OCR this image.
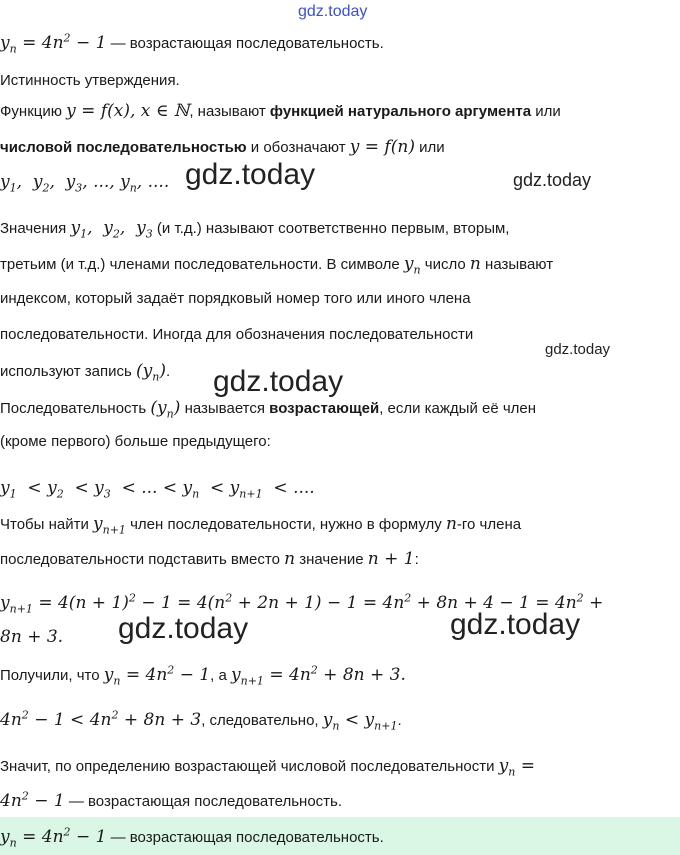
gdz.today
gdz.today	gdz.today
gdz.today
gdz.today
gdz.today	gdz.today
$y_n = 4n^2 - 1$ — возрастающая последовательность.
Истинность утверждения.
Функцию y = f(x), x ∈ ℕ, называют функцией натурального аргумента или
числовой последовательностью и обозначают y = f(n) или
$y_1$,  $y_2$,  $y_3$, ..., $y_n$, ....
Значения $y_1$,  $y_2$,  $y_3$ (и т.д.) называют соответственно первым, вторым,
третьим (и т.д.) членами последовательности. В символе $y_n$ число n называют
индексом, который задаёт порядковый номер того или иного члена
последовательности. Иногда для обозначения последовательности
используют запись $(y_n)$.
Последовательность $(y_n)$ называется возрастающей, если каждый её член
(кроме первого) больше предыдущего:
$y_1 < y_2 < y_3$ < ... < $y_n < y_{n+1}$ < ....
Чтобы найти $y_{n+1}$ член последовательности, нужно в формулу n-го члена
последовательности подставить вместо n значение n + 1:
$y_{n+1} = 4(n + 1)^2 - 1 = 4(n^2 + 2n + 1) - 1 = 4n^2 + 8n + 4 - 1 = 4n^2$ +
8n + 3.
Получили, что $y_n = 4n^2 - 1$, а $y_{n+1} = 4n^2 + 8n + 3$.
$4n^2 - 1 < 4n^2 + 8n + 3$, следовательно, $y_n < y_{n+1}$.
Значит, по определению возрастающей числовой последовательности $y_n$ =
$4n^2 - 1$ — возрастающая последовательность.
$y_n = 4n^2 - 1$ — возрастающая последовательность.
